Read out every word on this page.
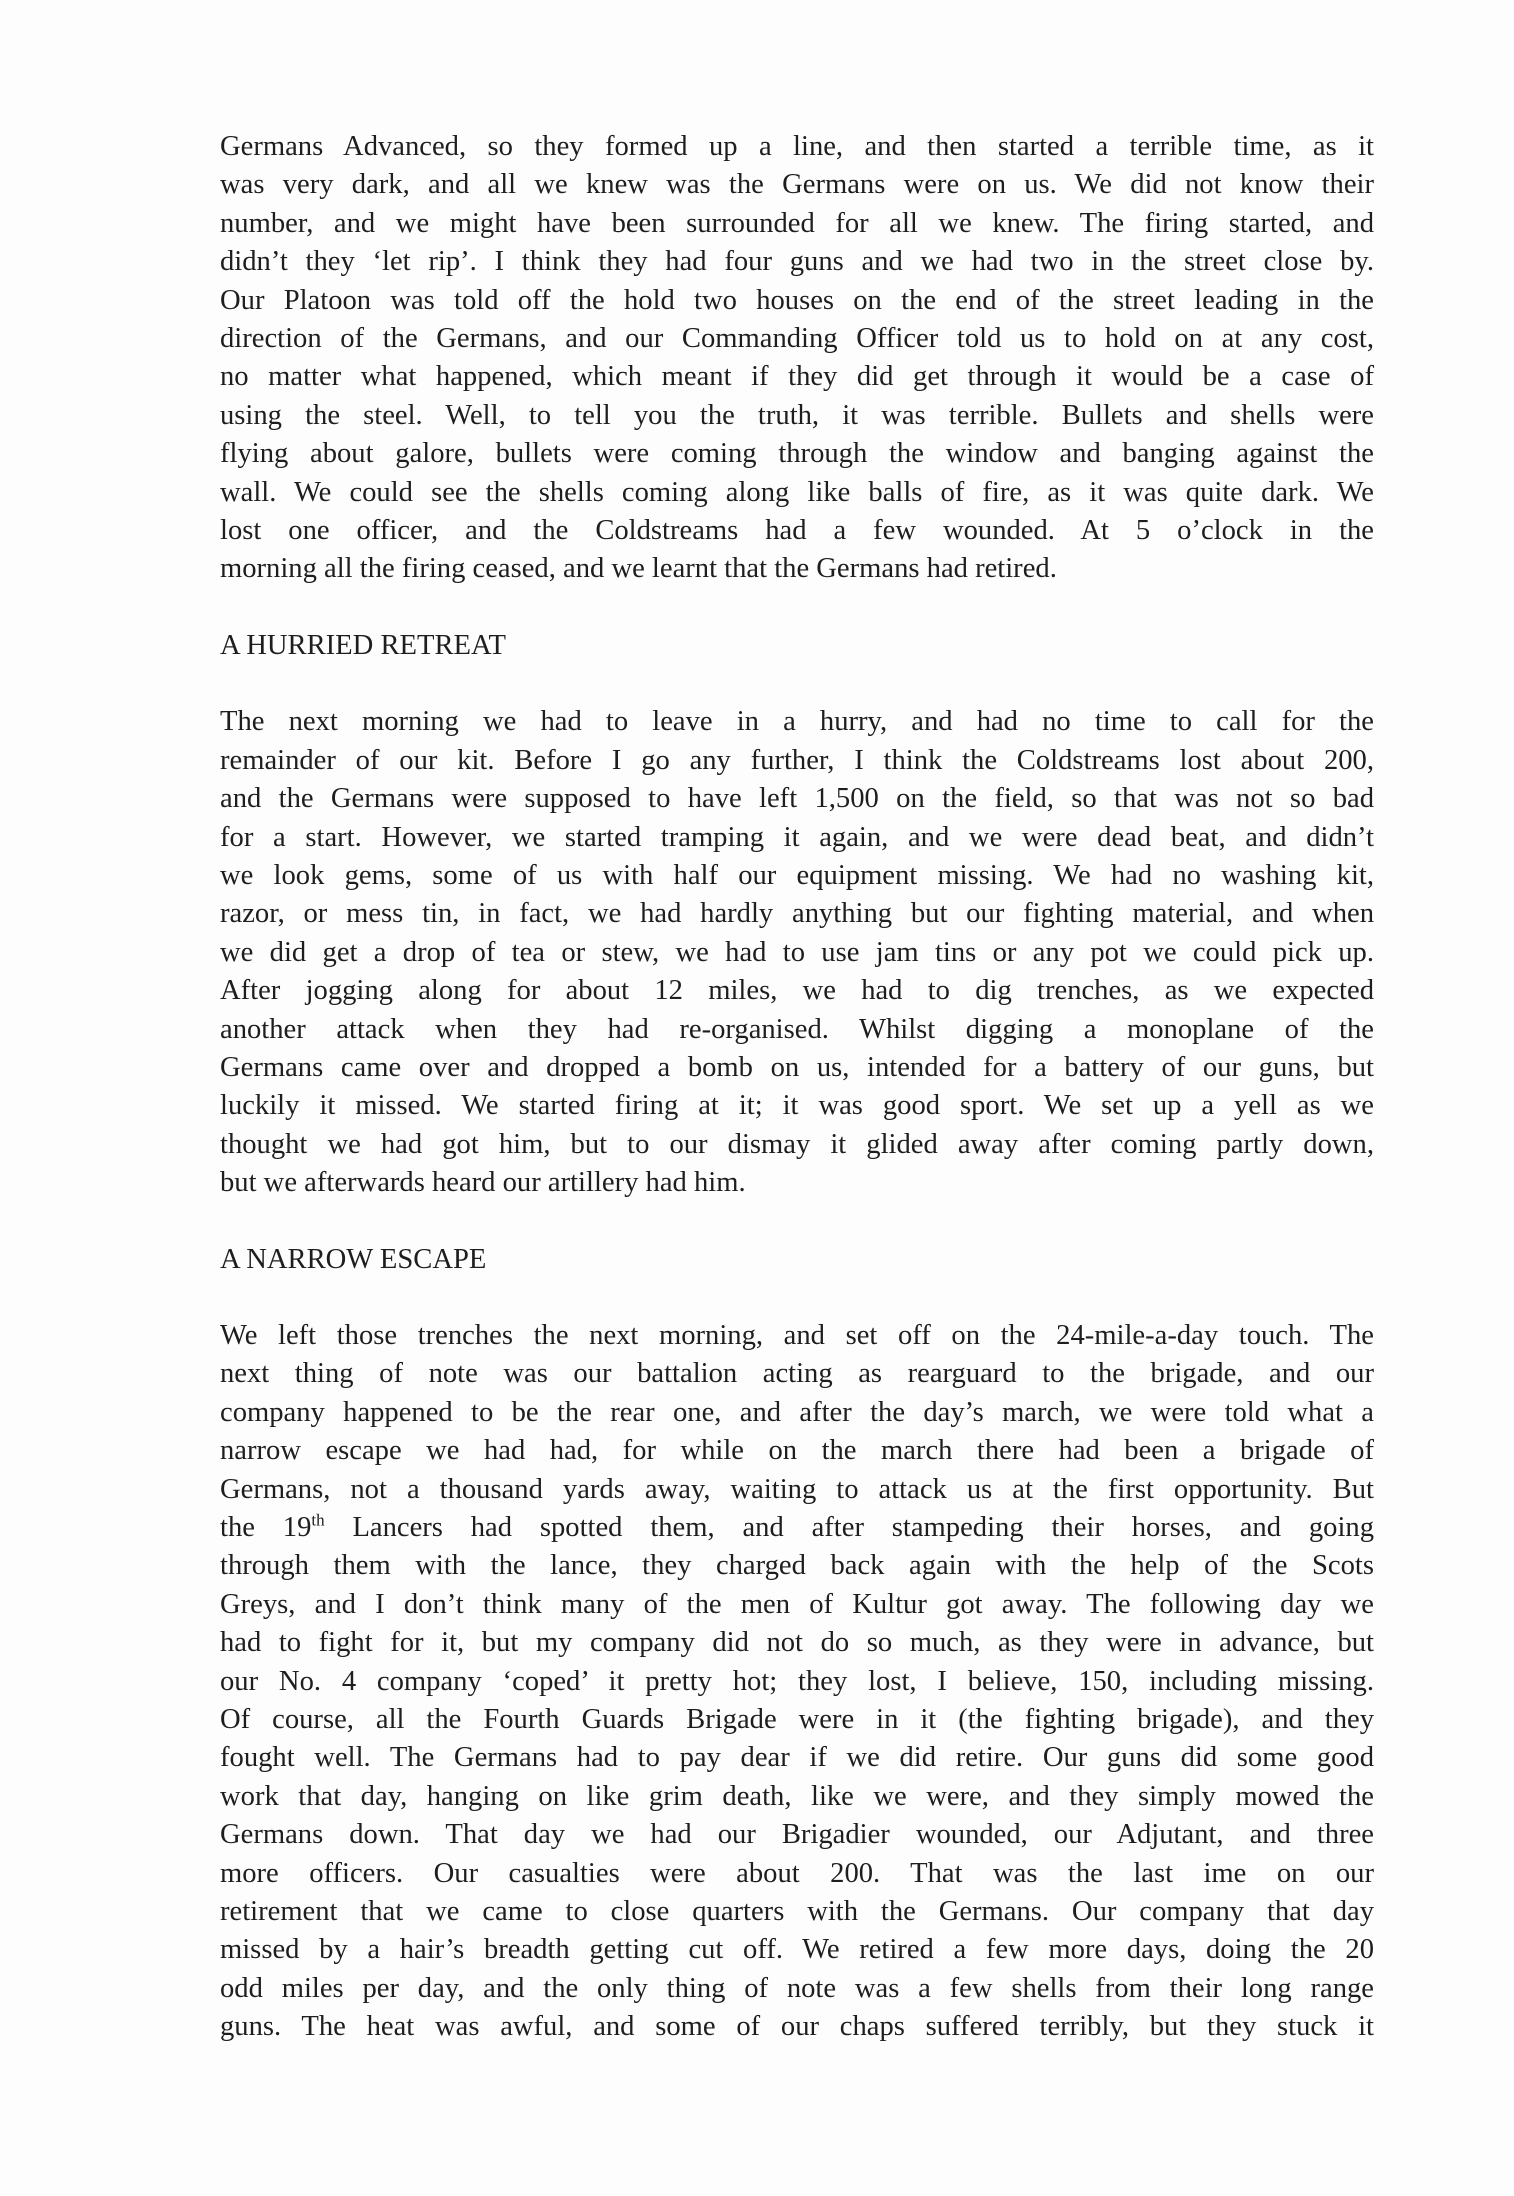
Germans Advanced, so they formed up a line, and then started a terrible time, as it
was very dark, and all we knew was the Germans were on us. We did not know their
number, and we might have been surrounded for all we knew. The firing started, and
didn’t they ‘let rip’. I think they had four guns and we had two in the street close by.
Our Platoon was told off the hold two houses on the end of the street leading in the
direction of the Germans, and our Commanding Officer told us to hold on at any cost,
no matter what happened, which meant if they did get through it would be a case of
using the steel. Well, to tell you the truth, it was terrible. Bullets and shells were
flying about galore, bullets were coming through the window and banging against the
wall. We could see the shells coming along like balls of fire, as it was quite dark. We
lost one officer, and the Coldstreams had a few wounded. At 5 o’clock in the
morning all the firing ceased, and we learnt that the Germans had retired.
A HURRIED RETREAT
The next morning we had to leave in a hurry, and had no time to call for the
remainder of our kit. Before I go any further, I think the Coldstreams lost about 200,
and the Germans were supposed to have left 1,500 on the field, so that was not so bad
for a start. However, we started tramping it again, and we were dead beat, and didn’t
we look gems, some of us with half our equipment missing. We had no washing kit,
razor, or mess tin, in fact, we had hardly anything but our fighting material, and when
we did get a drop of tea or stew, we had to use jam tins or any pot we could pick up.
After jogging along for about 12 miles, we had to dig trenches, as we expected
another attack when they had re-organised. Whilst digging a monoplane of the
Germans came over and dropped a bomb on us, intended for a battery of our guns, but
luckily it missed. We started firing at it; it was good sport. We set up a yell as we
thought we had got him, but to our dismay it glided away after coming partly down,
but we afterwards heard our artillery had him.
A NARROW ESCAPE
We left those trenches the next morning, and set off on the 24-mile-a-day touch. The
next thing of note was our battalion acting as rearguard to the brigade, and our
company happened to be the rear one, and after the day’s march, we were told what a
narrow escape we had had, for while on the march there had been a brigade of
Germans, not a thousand yards away, waiting to attack us at the first opportunity. But
the 19th Lancers had spotted them, and after stampeding their horses, and going
through them with the lance, they charged back again with the help of the Scots
Greys, and I don’t think many of the men of Kultur got away. The following day we
had to fight for it, but my company did not do so much, as they were in advance, but
our No. 4 company ‘coped’ it pretty hot; they lost, I believe, 150, including missing.
Of course, all the Fourth Guards Brigade were in it (the fighting brigade), and they
fought well. The Germans had to pay dear if we did retire. Our guns did some good
work that day, hanging on like grim death, like we were, and they simply mowed the
Germans down. That day we had our Brigadier wounded, our Adjutant, and three
more officers. Our casualties were about 200. That was the last ime on our
retirement that we came to close quarters with the Germans. Our company that day
missed by a hair’s breadth getting cut off. We retired a few more days, doing the 20
odd miles per day, and the only thing of note was a few shells from their long range
guns. The heat was awful, and some of our chaps suffered terribly, but they stuck it
